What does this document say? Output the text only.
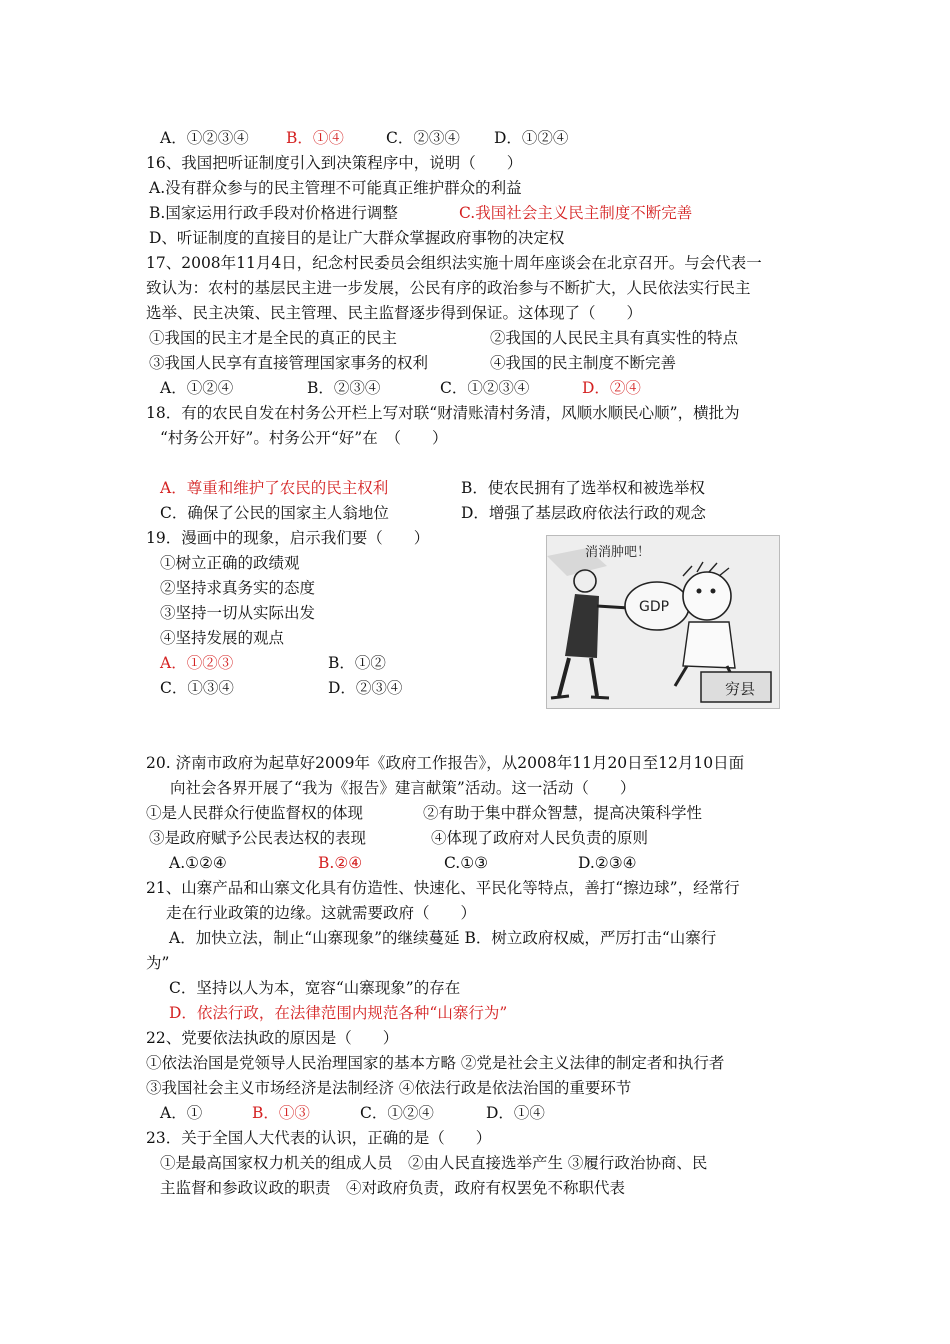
A．①②③④ B．①④	C．②③④ D．①②④
16、我国把听证制度引入到决策程序中，说明（　　）
A.没有群众参与的民主管理不可能真正维护群众的利益
B.国家运用行政手段对价格进行调整	C.我国社会主义民主制度不断完善
D、听证制度的直接目的是让广大群众掌握政府事物的决定权
17、2008年11月4日，纪念村民委员会组织法实施十周年座谈会在北京召开。与会代表一
致认为：农村的基层民主进一步发展，公民有序的政治参与不断扩大，人民依法实行民主
选举、民主决策、民主管理、民主监督逐步得到保证。这体现了（　　）
①我国的民主才是全民的真正的民主	②我国的人民民主具有真实性的特点
③我国人民享有直接管理国家事务的权利	④我国的民主制度不断完善
A．①②④	B．②③④	C．①②③④	D．②④
18．有的农民自发在村务公开栏上写对联“财清账清村务清，风顺水顺民心顺”，横批为
“村务公开好”。村务公开“好”在　（　　）
A．尊重和维护了农民的民主权利	B．使农民拥有了选举权和被选举权
C．确保了公民的国家主人翁地位	D．增强了基层政府依法行政的观念
19．漫画中的现象，启示我们要（　　）
①树立正确的政绩观
②坚持求真务实的态度
③坚持一切从实际出发
④坚持发展的观点
A．①②③	B．①②
C．①③④	D．②③④
消消肿吧！
GDP
穷县
20. 济南市政府为起草好2009年《政府工作报告》，从2008年11月20日至12月10日面
向社会各界开展了“我为《报告》建言献策”活动。这一活动（　　）
①是人民群众行使监督权的体现	②有助于集中群众智慧，提高决策科学性
③是政府赋予公民表达权的表现	④体现了政府对人民负责的原则
A.①②④	B.②④	C.①③	D.②③④
21、山寨产品和山寨文化具有仿造性、快速化、平民化等特点，善打“擦边球”，经常行
走在行业政策的边缘。这就需要政府（　　）
A．加快立法，制止“山寨现象”的继续蔓延 B．树立政府权威，严厉打击“山寨行
为”
C．坚持以人为本，宽容“山寨现象”的存在
D．依法行政，在法律范围内规范各种“山寨行为”
22、党要依法执政的原因是（　　）
①依法治国是党领导人民治理国家的基本方略 ②党是社会主义法律的制定者和执行者
③我国社会主义市场经济是法制经济 ④依法行政是依法治国的重要环节
A．①	B．①③	C．①②④	D．①④
23．关于全国人大代表的认识，正确的是（　　）
①是最高国家权力机关的组成人员　②由人民直接选举产生 ③履行政治协商、民
主监督和参政议政的职责　④对政府负责，政府有权罢免不称职代表
